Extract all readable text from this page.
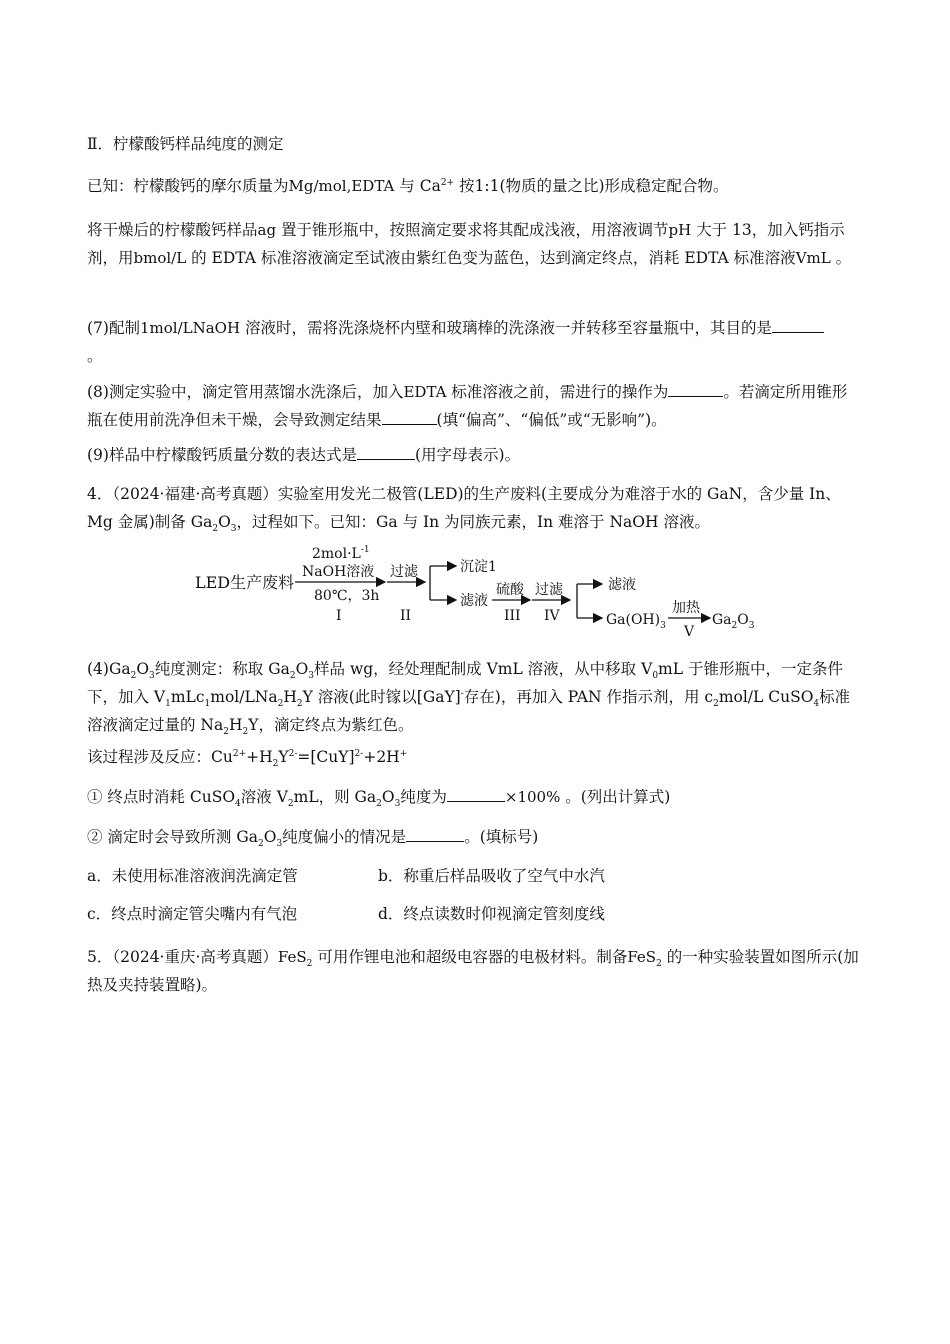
Ⅱ．柠檬酸钙样品纯度的测定

已知：柠檬酸钙的摩尔质量为Mg/mol,EDTA 与 $Ca^{2+}$ 按1:1(物质的量之比)形成稳定配合物。

将干燥后的柠檬酸钙样品ag 置于锥形瓶中，按照滴定要求将其配成浅液，用溶液调节pH 大于 13，加入钙指示剂，用bmol/L 的 EDTA 标准溶液滴定至试液由紫红色变为蓝色，达到滴定终点，消耗 EDTA 标准溶液VmL 。

(7)配制1mol/LNaOH 溶液时，需将洗涤烧杯内壁和玻璃棒的洗涤液一并转移至容量瓶中，其目的是
。

(8)测定实验中，滴定管用蒸馏水洗涤后，加入EDTA 标准溶液之前，需进行的操作为	。若滴定所用锥形瓶在使用前洗净但未干燥，会导致测定结果	(填“偏高”、“偏低”或“无影响”)。

(9)样品中柠檬酸钙质量分数的表达式是	(用字母表示)。

4．（2024·福建·高考真题）实验室用发光二极管(LED)的生产废料(主要成分为难溶于水的 GaN，含少量 In、Mg 金属)制备 $Ga_2O_3$，过程如下。已知：Ga 与 In 为同族元素，In 难溶于 NaOH 溶液。

LED生产废料
$2mol\cdot L^{-1}$
NaOH溶液
80℃，3h
I
过滤
II
沉淀1
滤液
硫酸
III
过滤
IV
滤液
$Ga(OH)_3$
加热
V
$Ga_2O_3$

$(4)Ga_2O_3$纯度测定：称取 $Ga_2O_3$样品 wg，经处理配制成 VmL 溶液，从中移取 $V_0mL$ 于锥形瓶中，一定条件下，加入 $V_1mLc_1mol/LNa_2H_2Y$ 溶液(此时镓以[GaY]-存在)，再加入 PAN 作指示剂，用 $c_2mol/L$ CuSO$_4$标准溶液滴定过量的 $Na_2H_2Y$，滴定终点为紫红色。

该过程涉及反应：$Cu^{2+}+H_2Y^{2-}=[CuY]^{2-}+2H^+$

① 终点时消耗 CuSO$_4$溶液 $V_2mL$，则 $Ga_2O_3$纯度为	×100% 。(列出计算式)

② 滴定时会导致所测 $Ga_2O_3$纯度偏小的情况是	。(填标号)

a．未使用标准溶液润洗滴定管	b．称重后样品吸收了空气中水汽
c．终点时滴定管尖嘴内有气泡	d．终点读数时仰视滴定管刻度线

5．（2024·重庆·高考真题）FeS$_2$ 可用作锂电池和超级电容器的电极材料。制备FeS$_2$ 的一种实验装置如图所示(加热及夹持装置略)。
